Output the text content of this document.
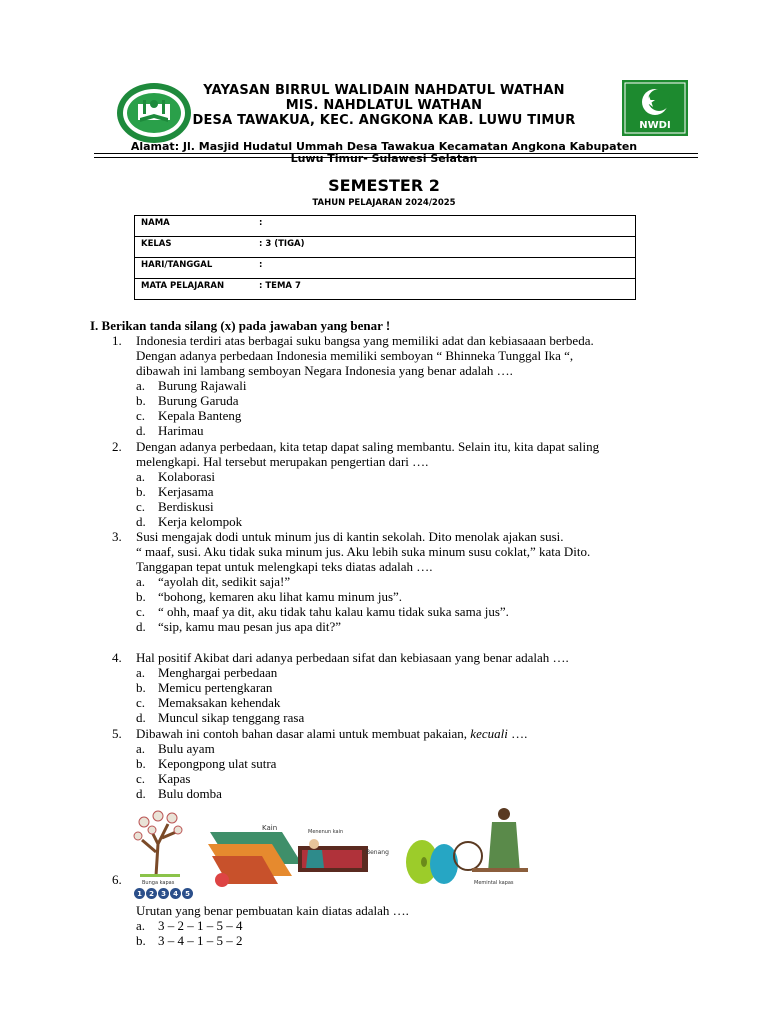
YAYASAN BIRRUL WALIDAIN NAHDATUL WATHAN
MIS. NAHDLATUL WATHAN
DESA TAWAKUA, KEC. ANGKONA KAB. LUWU TIMUR	NWDI
Alamat: Jl. Masjid Hudatul Ummah Desa Tawakua Kecamatan Angkona Kabupaten
Luwu Timur- Sulawesi Selatan
SEMESTER 2
TAHUN PELAJARAN 2024/2025
NAMA	:
KELAS	: 3 (TIGA)
HARI/TANGGAL	:
MATA PELAJARAN	: TEMA 7
I. Berikan tanda silang (x) pada jawaban yang benar !
1. Indonesia terdiri atas berbagai suku bangsa yang memiliki adat dan kebiasaaan berbeda.
Dengan adanya perbedaan Indonesia memiliki semboyan “ Bhinneka Tunggal Ika “,
dibawah ini lambang semboyan Negara Indonesia yang benar adalah ….
a. Burung Rajawali
b. Burung Garuda
c. Kepala Banteng
d. Harimau
2. Dengan adanya perbedaan, kita tetap dapat saling membantu. Selain itu, kita dapat saling
melengkapi. Hal tersebut merupakan pengertian dari ….
a. Kolaborasi
b. Kerjasama
c. Berdiskusi
d. Kerja kelompok
3. Susi mengajak dodi untuk minum jus di kantin sekolah. Dito menolak ajakan susi.
“ maaf, susi. Aku tidak suka minum jus. Aku lebih suka minum susu coklat,” kata Dito.
Tanggapan tepat untuk melengkapi teks diatas adalah ….
a. “ayolah dit, sedikit saja!”
b. “bohong, kemaren aku lihat kamu minum jus”.
c. “ ohh, maaf ya dit, aku tidak tahu kalau kamu tidak suka sama jus”.
d. “sip, kamu mau pesan jus apa dit?”
4. Hal positif Akibat dari adanya perbedaan sifat dan kebiasaan yang benar adalah ….
a. Menghargai perbedaan
b. Memicu pertengkaran
c. Memaksakan kehendak
d. Muncul sikap tenggang rasa
5. Dibawah ini contoh bahan dasar alami untuk membuat pakaian, kecuali ….
a. Bulu ayam
b. Kepongpong ulat sutra
c. Kapas
d. Bulu domba
Bunga kapas
Kain	Menenun kain
Benang
Memintal kapas
6.
1	2	3	4	5
Urutan yang benar pembuatan kain diatas adalah ….
a. 3 – 2 – 1 – 5 – 4
b. 3 – 4 – 1 – 5 – 2
